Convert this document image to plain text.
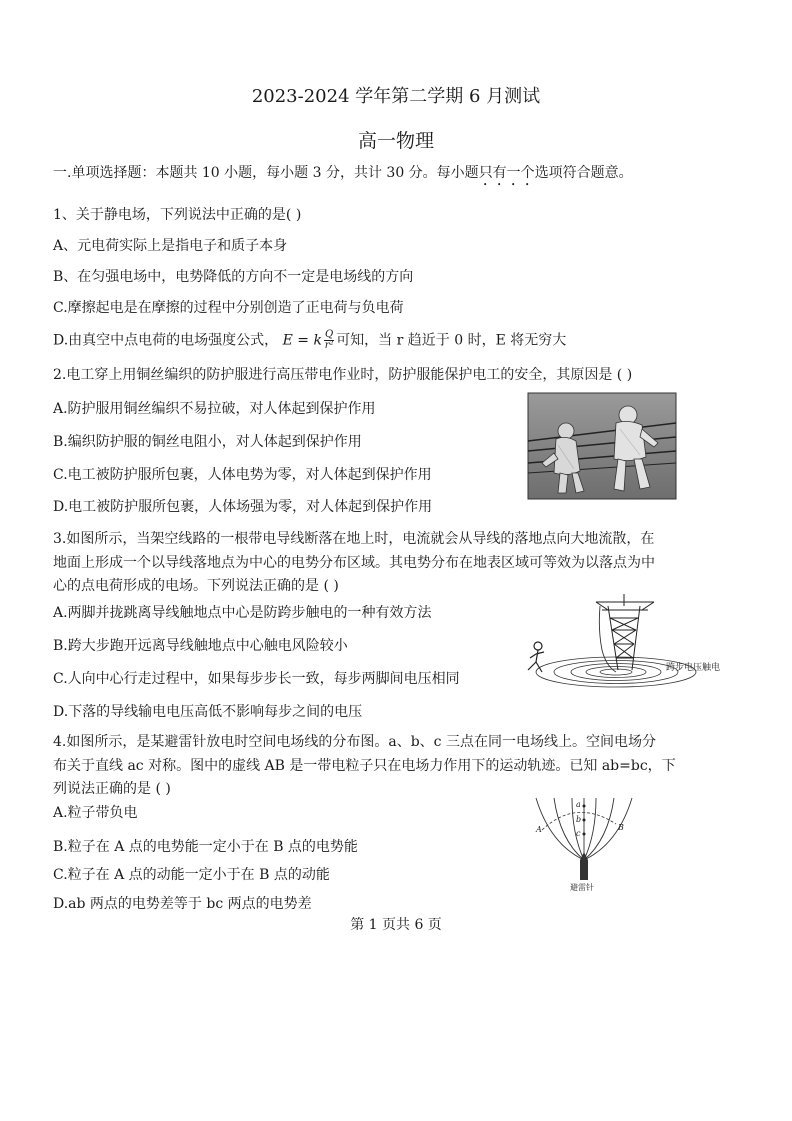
2023-2024 学年第二学期 6 月测试
高一物理
一.单项选择题：本题共 10 小题，每小题 3 分，共计 30 分。每小题只有一个选项符合题意。
1、关于静电场，下列说法中正确的是( )
A、元电荷实际上是指电子和质子本身
B、在匀强电场中，电势降低的方向不一定是电场线的方向
C.摩擦起电是在摩擦的过程中分别创造了正电荷与负电荷
D.由真空中点电荷的电场强度公式， E = k $\frac{Q}{\text{r²}}$ 可知，当 r 趋近于 0 时，E 将无穷大
2.电工穿上用铜丝编织的防护服进行高压带电作业时，防护服能保护电工的安全，其原因是 ( )
A.防护服用铜丝编织不易拉破，对人体起到保护作用
B.编织防护服的铜丝电阻小，对人体起到保护作用
C.电工被防护服所包裹，人体电势为零，对人体起到保护作用
D.电工被防护服所包裹，人体场强为零，对人体起到保护作用
3.如图所示，当架空线路的一根带电导线断落在地上时，电流就会从导线的落地点向大地流散，在
地面上形成一个以导线落地点为中心的电势分布区域。其电势分布在地表区域可等效为以落点为中
心的点电荷形成的电场。下列说法正确的是 ( )
A.两脚并拢跳离导线触地点中心是防跨步触电的一种有效方法
B.跨大步跑开远离导线触地点中心触电风险较小
C.人向中心行走过程中，如果每步步长一致，每步两脚间电压相同
D.下落的导线输电电压高低不影响每步之间的电压
跨步电压触电
4.如图所示，是某避雷针放电时空间电场线的分布图。a、b、c 三点在同一电场线上。空间电场分
布关于直线 ac 对称。图中的虚线 AB 是一带电粒子只在电场力作用下的运动轨迹。已知 ab=bc，下
列说法正确的是 ( )
A.粒子带负电
B.粒子在 A 点的电势能一定小于在 B 点的电势能
C.粒子在 A 点的动能一定小于在 B 点的动能
D.ab 两点的电势差等于 bc 两点的电势差
a
b
c
A	B
避雷针
第 1 页共 6 页
